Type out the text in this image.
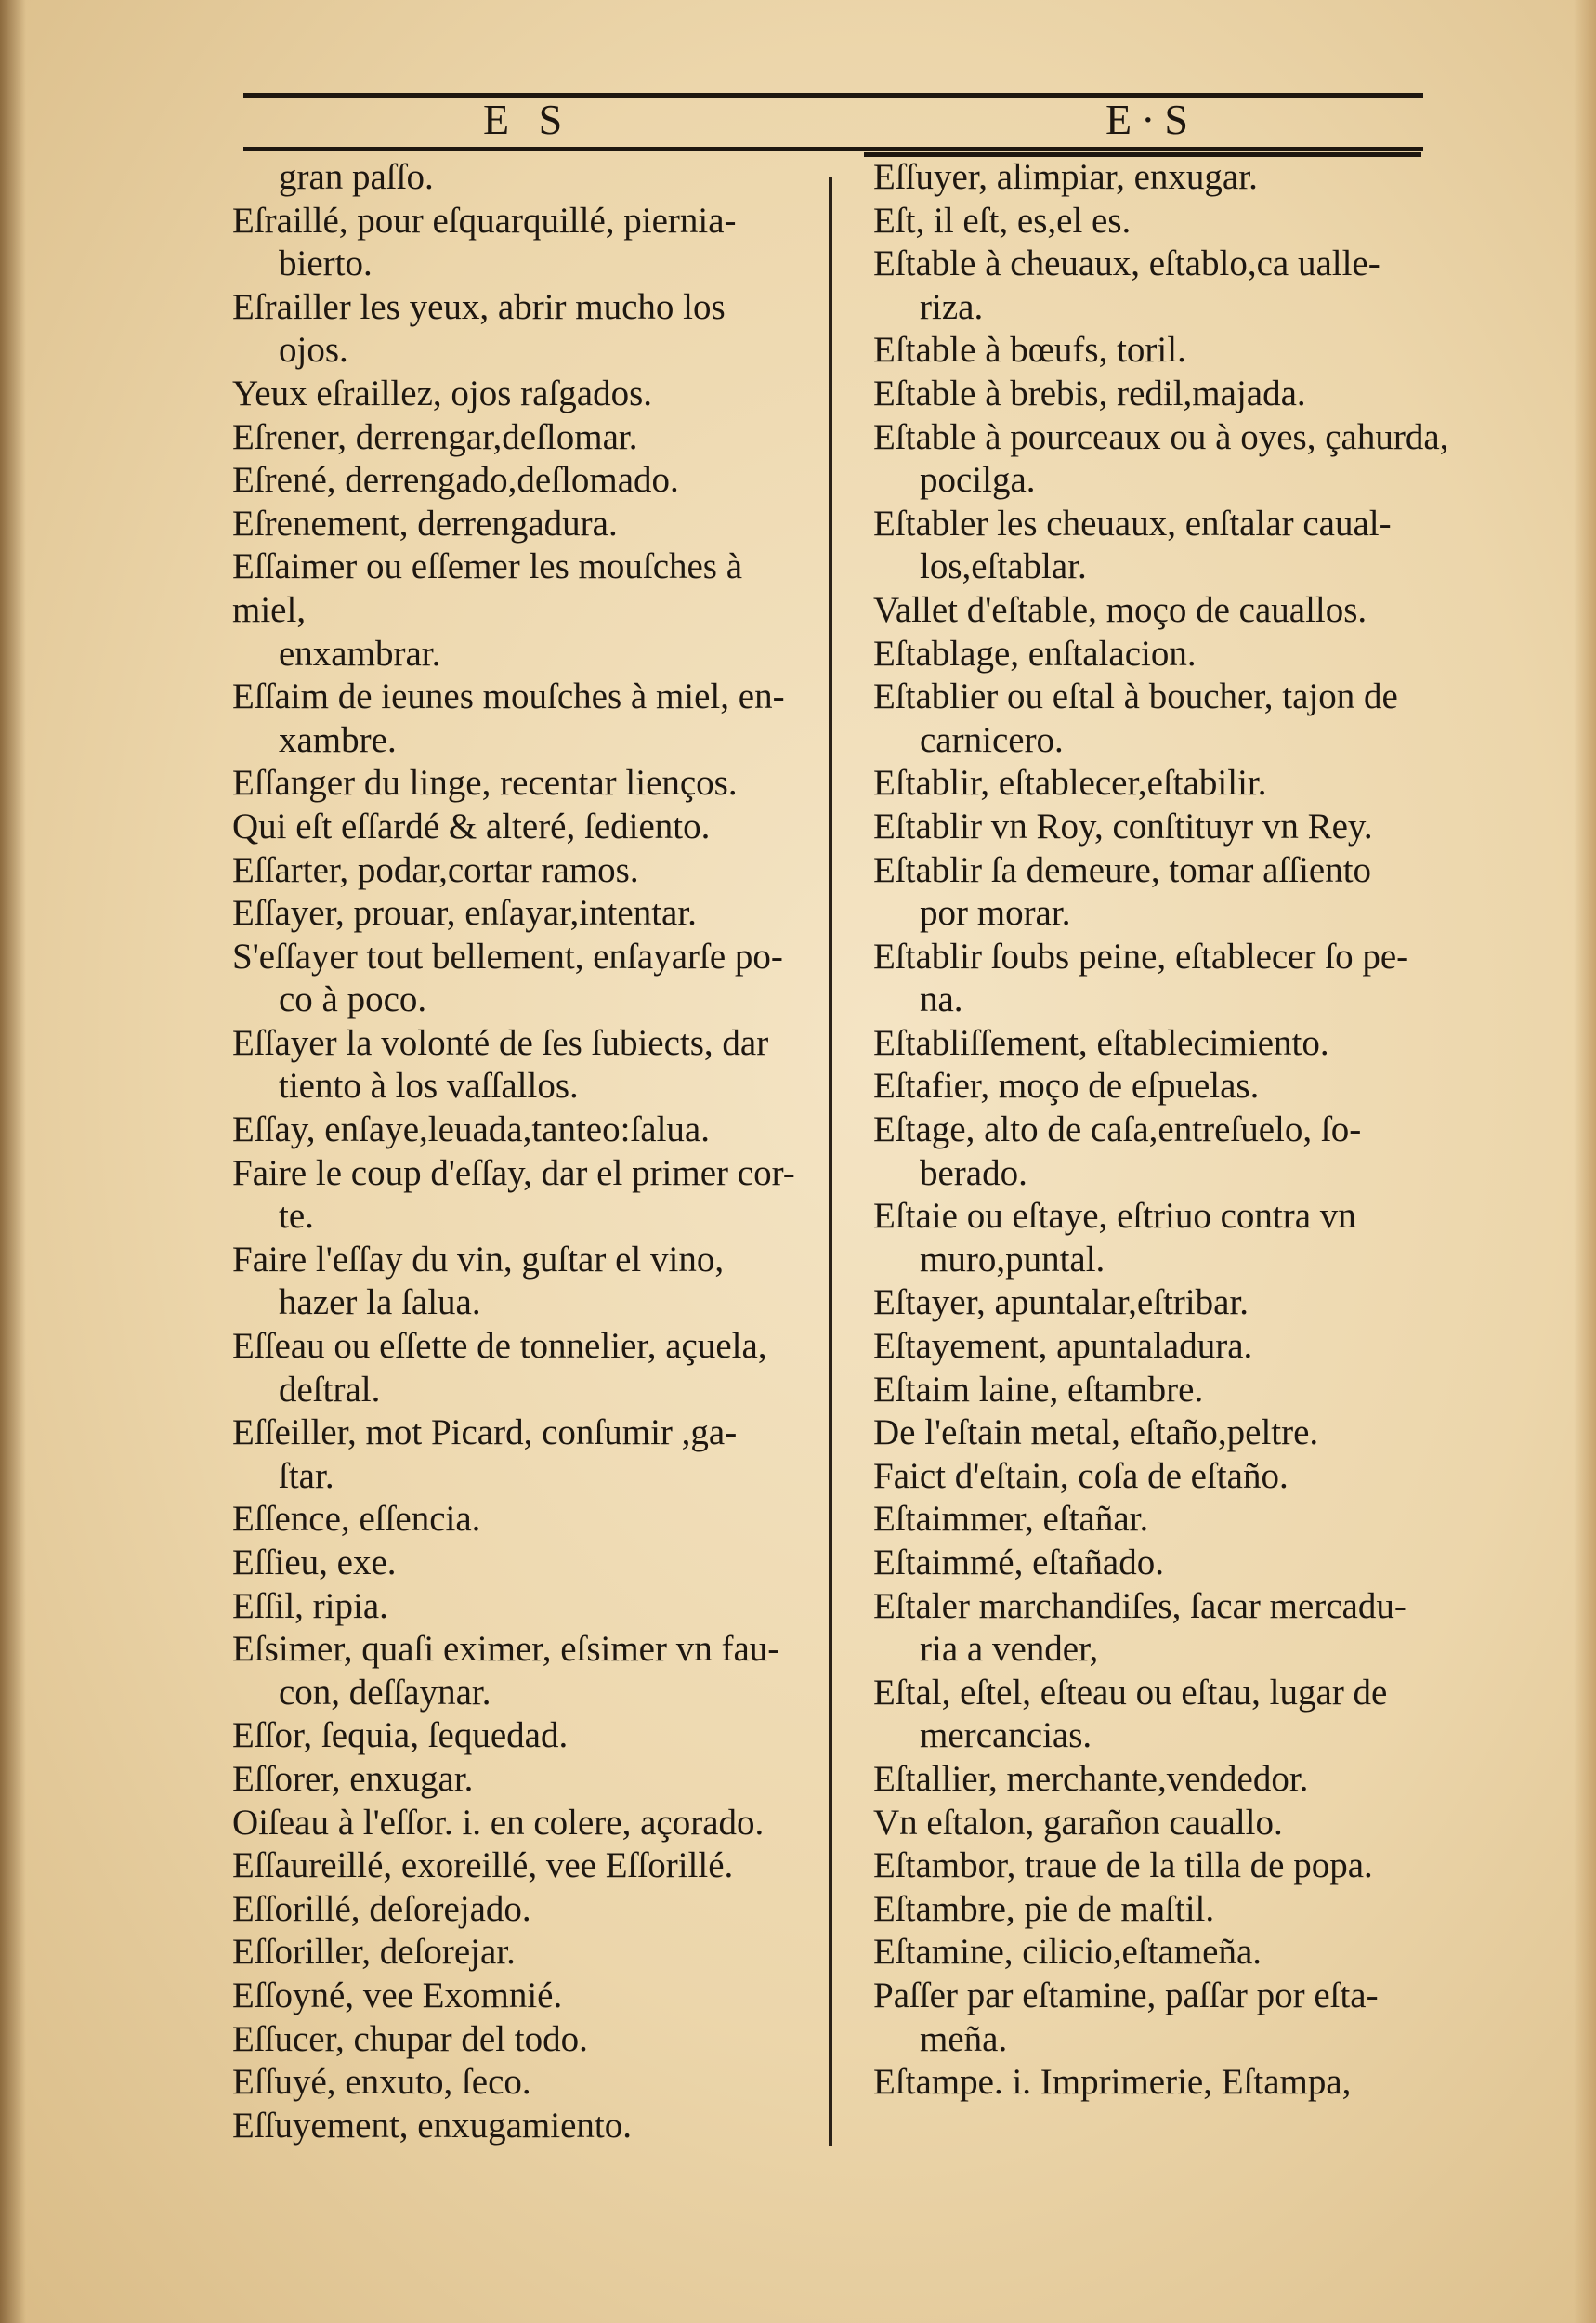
E S	E·S
gran paſſo.
Eſraillé, pour eſquarquillé, piernia-
bierto.
Eſrailler les yeux, abrir mucho los
ojos.
Yeux eſraillez, ojos raſgados.
Eſrener, derrengar,deſlomar.
Eſrené, derrengado,deſlomado.
Eſrenement, derrengadura.
Eſſaimer ou eſſemer les mouſches à miel,
enxambrar.
Eſſaim de ieunes mouſches à miel, en-
xambre.
Eſſanger du linge, recentar lienços.
Qui eſt eſſardé & alteré, ſediento.
Eſſarter, podar,cortar ramos.
Eſſayer, prouar, enſayar,intentar.
S'eſſayer tout bellement, enſayarſe po-
co à poco.
Eſſayer la volonté de ſes ſubiects, dar
tiento à los vaſſallos.
Eſſay, enſaye,leuada,tanteo:ſalua.
Faire le coup d'eſſay, dar el primer cor-
te.
Faire l'eſſay du vin, guſtar el vino,
hazer la ſalua.
Eſſeau ou eſſette de tonnelier, açuela,
deſtral.
Eſſeiller, mot Picard, conſumir ,ga-
ſtar.
Eſſence, eſſencia.
Eſſieu, exe.
Eſſil, ripia.
Eſsimer, quaſi eximer, eſsimer vn fau-
con, deſſaynar.
Eſſor, ſequia, ſequedad.
Eſſorer, enxugar.
Oiſeau à l'eſſor. i. en colere, açorado.
Eſſaureillé, exoreillé, vee Eſſorillé.
Eſſorillé, deſorejado.
Eſſoriller, deſorejar.
Eſſoyné, vee Exomnié.
Eſſucer, chupar del todo.
Eſſuyé, enxuto, ſeco.
Eſſuyement, enxugamiento.
Eſſuyer, alimpiar, enxugar.
Eſt, il eſt, es,el es.
Eſtable à cheuaux, eſtablo,ca ualle-
riza.
Eſtable à bœufs, toril.
Eſtable à brebis, redil,majada.
Eſtable à pourceaux ou à oyes, çahurda,
pocilga.
Eſtabler les cheuaux, enſtalar caual-
los,eſtablar.
Vallet d'eſtable, moço de cauallos.
Eſtablage, enſtalacion.
Eſtablier ou eſtal à boucher, tajon de
carnicero.
Eſtablir, eſtablecer,eſtabilir.
Eſtablir vn Roy, conſtituyr vn Rey.
Eſtablir ſa demeure, tomar aſſiento
por morar.
Eſtablir ſoubs peine, eſtablecer ſo pe-
na.
Eſtabliſſement, eſtablecimiento.
Eſtafier, moço de eſpuelas.
Eſtage, alto de caſa,entreſuelo, ſo-
berado.
Eſtaie ou eſtaye, eſtriuo contra vn
muro,puntal.
Eſtayer, apuntalar,eſtribar.
Eſtayement, apuntaladura.
Eſtaim laine, eſtambre.
De l'eſtain metal, eſtaño,peltre.
Faict d'eſtain, coſa de eſtaño.
Eſtaimmer, eſtañar.
Eſtaimmé, eſtañado.
Eſtaler marchandiſes, ſacar mercadu-
ria a vender,
Eſtal, eſtel, eſteau ou eſtau, lugar de
mercancias.
Eſtallier, merchante,vendedor.
Vn eſtalon, garañon cauallo.
Eſtambor, traue de la tilla de popa.
Eſtambre, pie de maſtil.
Eſtamine, cilicio,eſtameña.
Paſſer par eſtamine, paſſar por eſta-
meña.
Eſtampe. i. Imprimerie, Eſtampa,
